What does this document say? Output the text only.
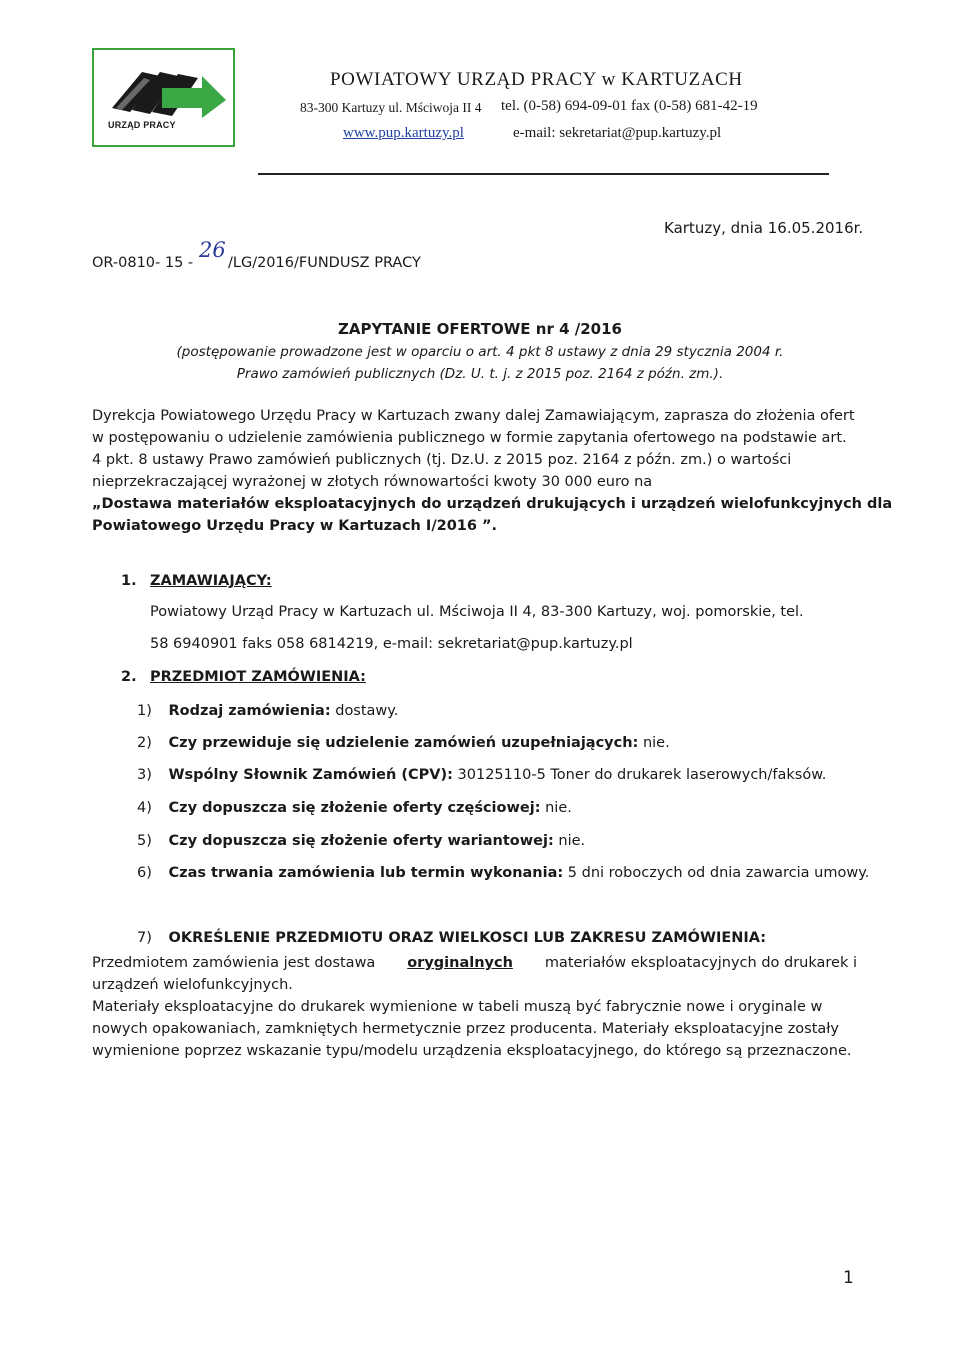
URZĄD PRACY
POWIATOWY URZĄD PRACY w KARTUZACH
83-300 Kartuzy ul. Mściwoja II 4 tel. (0-58) 694-09-01 fax (0-58) 681-42-19
www.pup.kartuzy.pl	e-mail: sekretariat@pup.kartuzy.pl
Kartuzy, dnia 16.05.2016r.
OR-0810- 15 -
26
/LG/2016/FUNDUSZ PRACY
ZAPYTANIE OFERTOWE nr 4 /2016
(postępowanie prowadzone jest w oparciu o art. 4 pkt 8 ustawy z dnia 29 stycznia 2004 r.
Prawo zamówień publicznych (Dz. U. t. j. z 2015 poz. 2164 z późn. zm.).
Dyrekcja Powiatowego Urzędu Pracy w Kartuzach zwany dalej Zamawiającym, zaprasza do złożenia ofert
w postępowaniu o udzielenie zamówienia publicznego w formie zapytania ofertowego na podstawie art.
4 pkt. 8 ustawy Prawo zamówień publicznych (tj. Dz.U. z 2015 poz. 2164 z późn. zm.) o wartości
nieprzekraczającej wyrażonej w złotych równowartości kwoty 30 000 euro na
„Dostawa materiałów eksploatacyjnych do urządzeń drukujących i urządzeń wielofunkcyjnych dla
Powiatowego Urzędu Pracy w Kartuzach I/2016 ”.
1. ZAMAWIAJĄCY:
Powiatowy Urząd Pracy w Kartuzach ul. Mściwoja II 4, 83-300 Kartuzy, woj. pomorskie, tel.
58 6940901 faks 058 6814219, e-mail: sekretariat@pup.kartuzy.pl
2. PRZEDMIOT ZAMÓWIENIA:
1) Rodzaj zamówienia: dostawy.
2) Czy przewiduje się udzielenie zamówień uzupełniających: nie.
3) Wspólny Słownik Zamówień (CPV): 30125110-5 Toner do drukarek laserowych/faksów.
4) Czy dopuszcza się złożenie oferty częściowej: nie.
5) Czy dopuszcza się złożenie oferty wariantowej: nie.
6) Czas trwania zamówienia lub termin wykonania: 5 dni roboczych od dnia zawarcia umowy.
7) OKREŚLENIE PRZEDMIOTU ORAZ WIELKOSCI LUB ZAKRESU ZAMÓWIENIA:
Przedmiotem zamówienia jest dostawa oryginalnych materiałów eksploatacyjnych do drukarek i
urządzeń wielofunkcyjnych.
Materiały eksploatacyjne do drukarek wymienione w tabeli muszą być fabrycznie nowe i oryginale w
nowych opakowaniach, zamkniętych hermetycznie przez producenta. Materiały eksploatacyjne zostały
wymienione poprzez wskazanie typu/modelu urządzenia eksploatacyjnego, do którego są przeznaczone.
1
